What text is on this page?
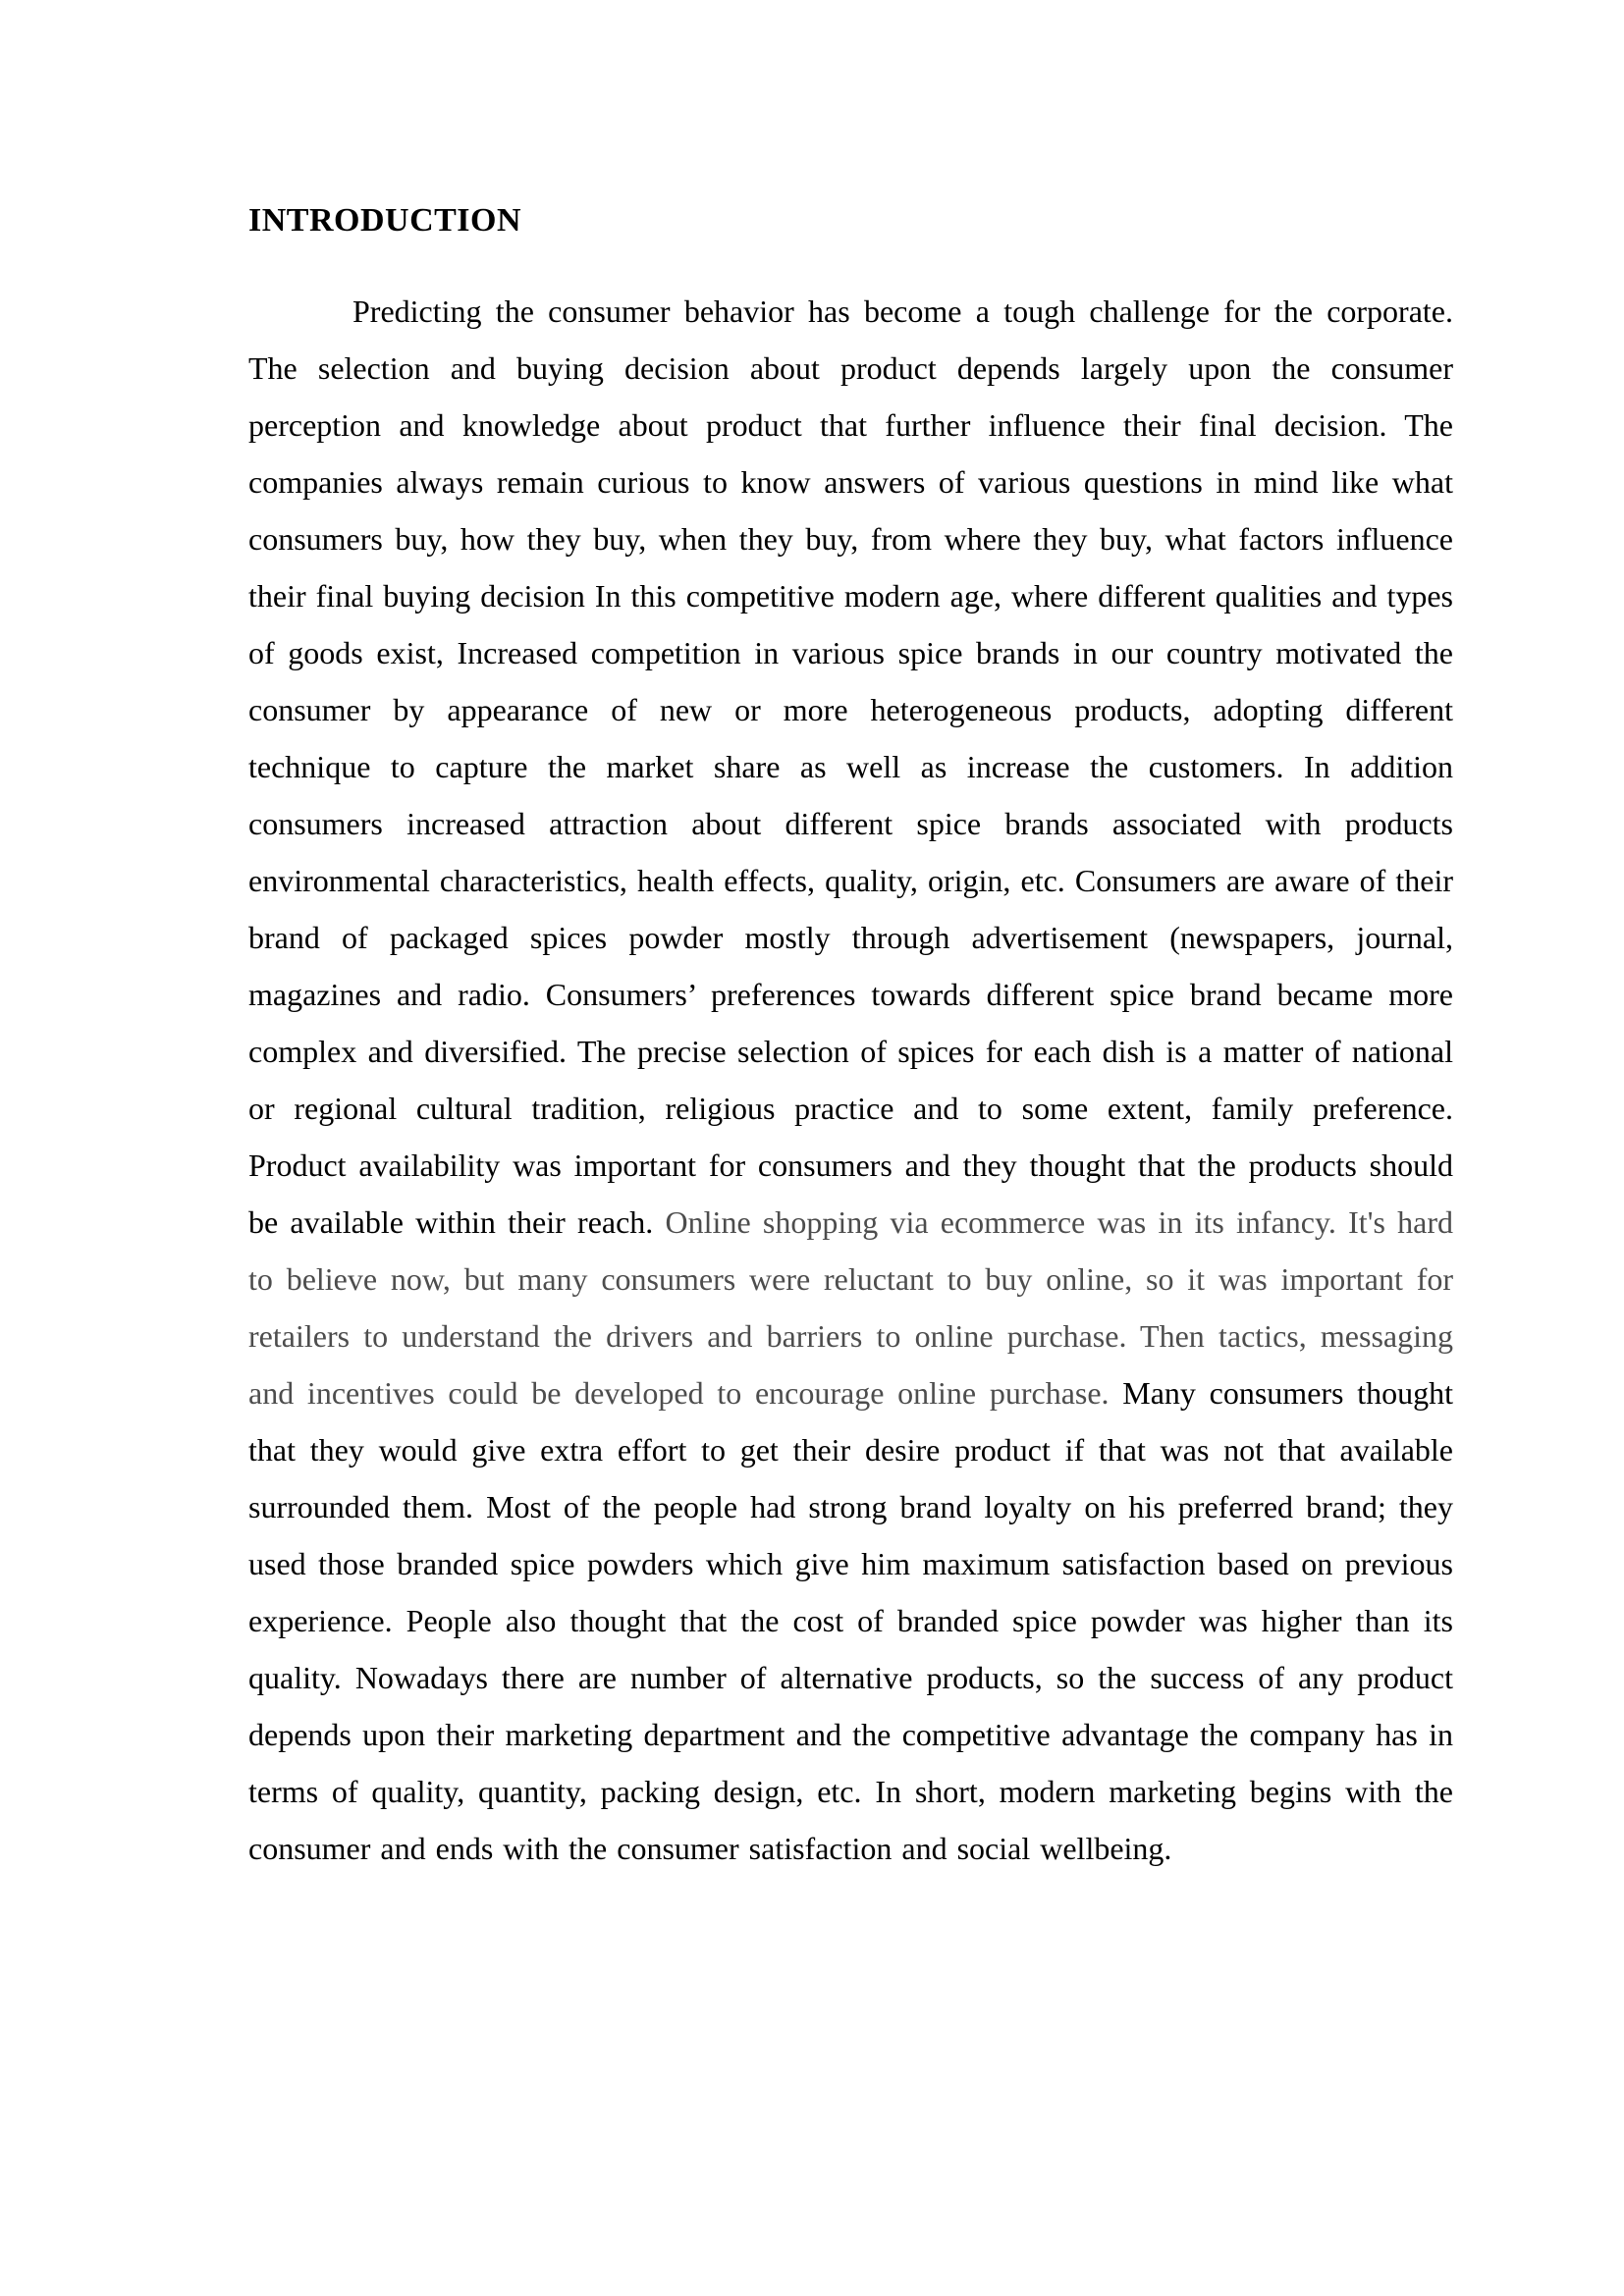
INTRODUCTION

Predicting the consumer behavior has become a tough challenge for the corporate. The selection and buying decision about product depends largely upon the consumer perception and knowledge about product that further influence their final decision. The companies always remain curious to know answers of various questions in mind like what consumers buy, how they buy, when they buy, from where they buy, what factors influence their final buying decision In this competitive modern age, where different qualities and types of goods exist, Increased competition in various spice brands in our country motivated the consumer by appearance of new or more heterogeneous products, adopting different technique to capture the market share as well as increase the customers. In addition consumers increased attraction about different spice brands associated with products environmental characteristics, health effects, quality, origin, etc. Consumers are aware of their brand of packaged spices powder mostly through advertisement (newspapers, journal, magazines and radio. Consumers’ preferences towards different spice brand became more complex and diversified. The precise selection of spices for each dish is a matter of national or regional cultural tradition, religious practice and to some extent, family preference. Product availability was important for consumers and they thought that the products should be available within their reach. Online shopping via ecommerce was in its infancy. It's hard to believe now, but many consumers were reluctant to buy online, so it was important for retailers to understand the drivers and barriers to online purchase. Then tactics, messaging and incentives could be developed to encourage online purchase. Many consumers thought that they would give extra effort to get their desire product if that was not that available surrounded them. Most of the people had strong brand loyalty on his preferred brand; they used those branded spice powders which give him maximum satisfaction based on previous experience. People also thought that the cost of branded spice powder was higher than its quality. Nowadays there are number of alternative products, so the success of any product depends upon their marketing department and the competitive advantage the company has in terms of quality, quantity, packing design, etc. In short, modern marketing begins with the consumer and ends with the consumer satisfaction and social wellbeing.
